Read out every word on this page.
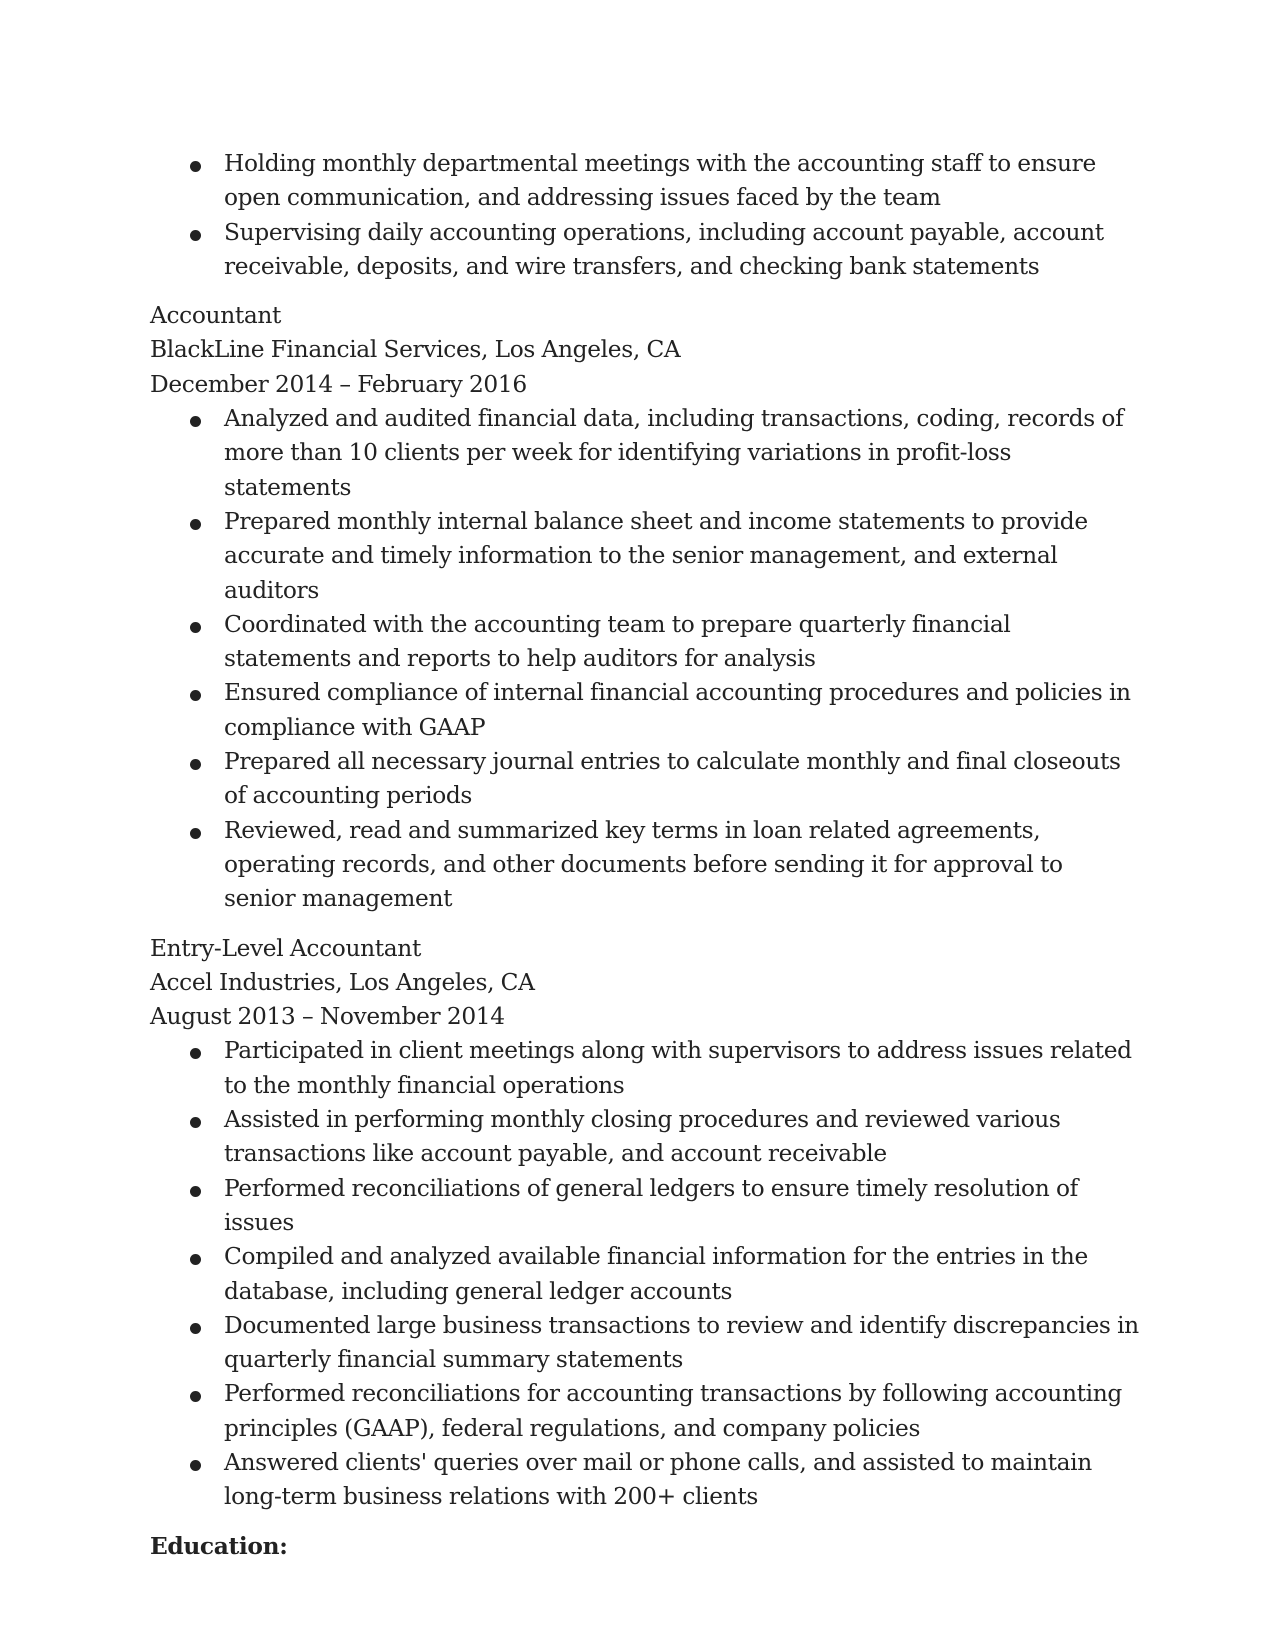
Holding monthly departmental meetings with the accounting staff to ensure open communication, and addressing issues faced by the team
Supervising daily accounting operations, including account payable, account receivable, deposits, and wire transfers, and checking bank statements
Accountant
BlackLine Financial Services, Los Angeles, CA
December 2014 – February 2016
Analyzed and audited financial data, including transactions, coding, records of more than 10 clients per week for identifying variations in profit-loss statements
Prepared monthly internal balance sheet and income statements to provide accurate and timely information to the senior management, and external auditors
Coordinated with the accounting team to prepare quarterly financial statements and reports to help auditors for analysis
Ensured compliance of internal financial accounting procedures and policies in compliance with GAAP
Prepared all necessary journal entries to calculate monthly and final closeouts of accounting periods
Reviewed, read and summarized key terms in loan related agreements, operating records, and other documents before sending it for approval to senior management
Entry-Level Accountant
Accel Industries, Los Angeles, CA
August 2013 – November 2014
Participated in client meetings along with supervisors to address issues related to the monthly financial operations
Assisted in performing monthly closing procedures and reviewed various transactions like account payable, and account receivable
Performed reconciliations of general ledgers to ensure timely resolution of issues
Compiled and analyzed available financial information for the entries in the database, including general ledger accounts
Documented large business transactions to review and identify discrepancies in quarterly financial summary statements
Performed reconciliations for accounting transactions by following accounting principles (GAAP), federal regulations, and company policies
Answered clients' queries over mail or phone calls, and assisted to maintain long-term business relations with 200+ clients
Education:
